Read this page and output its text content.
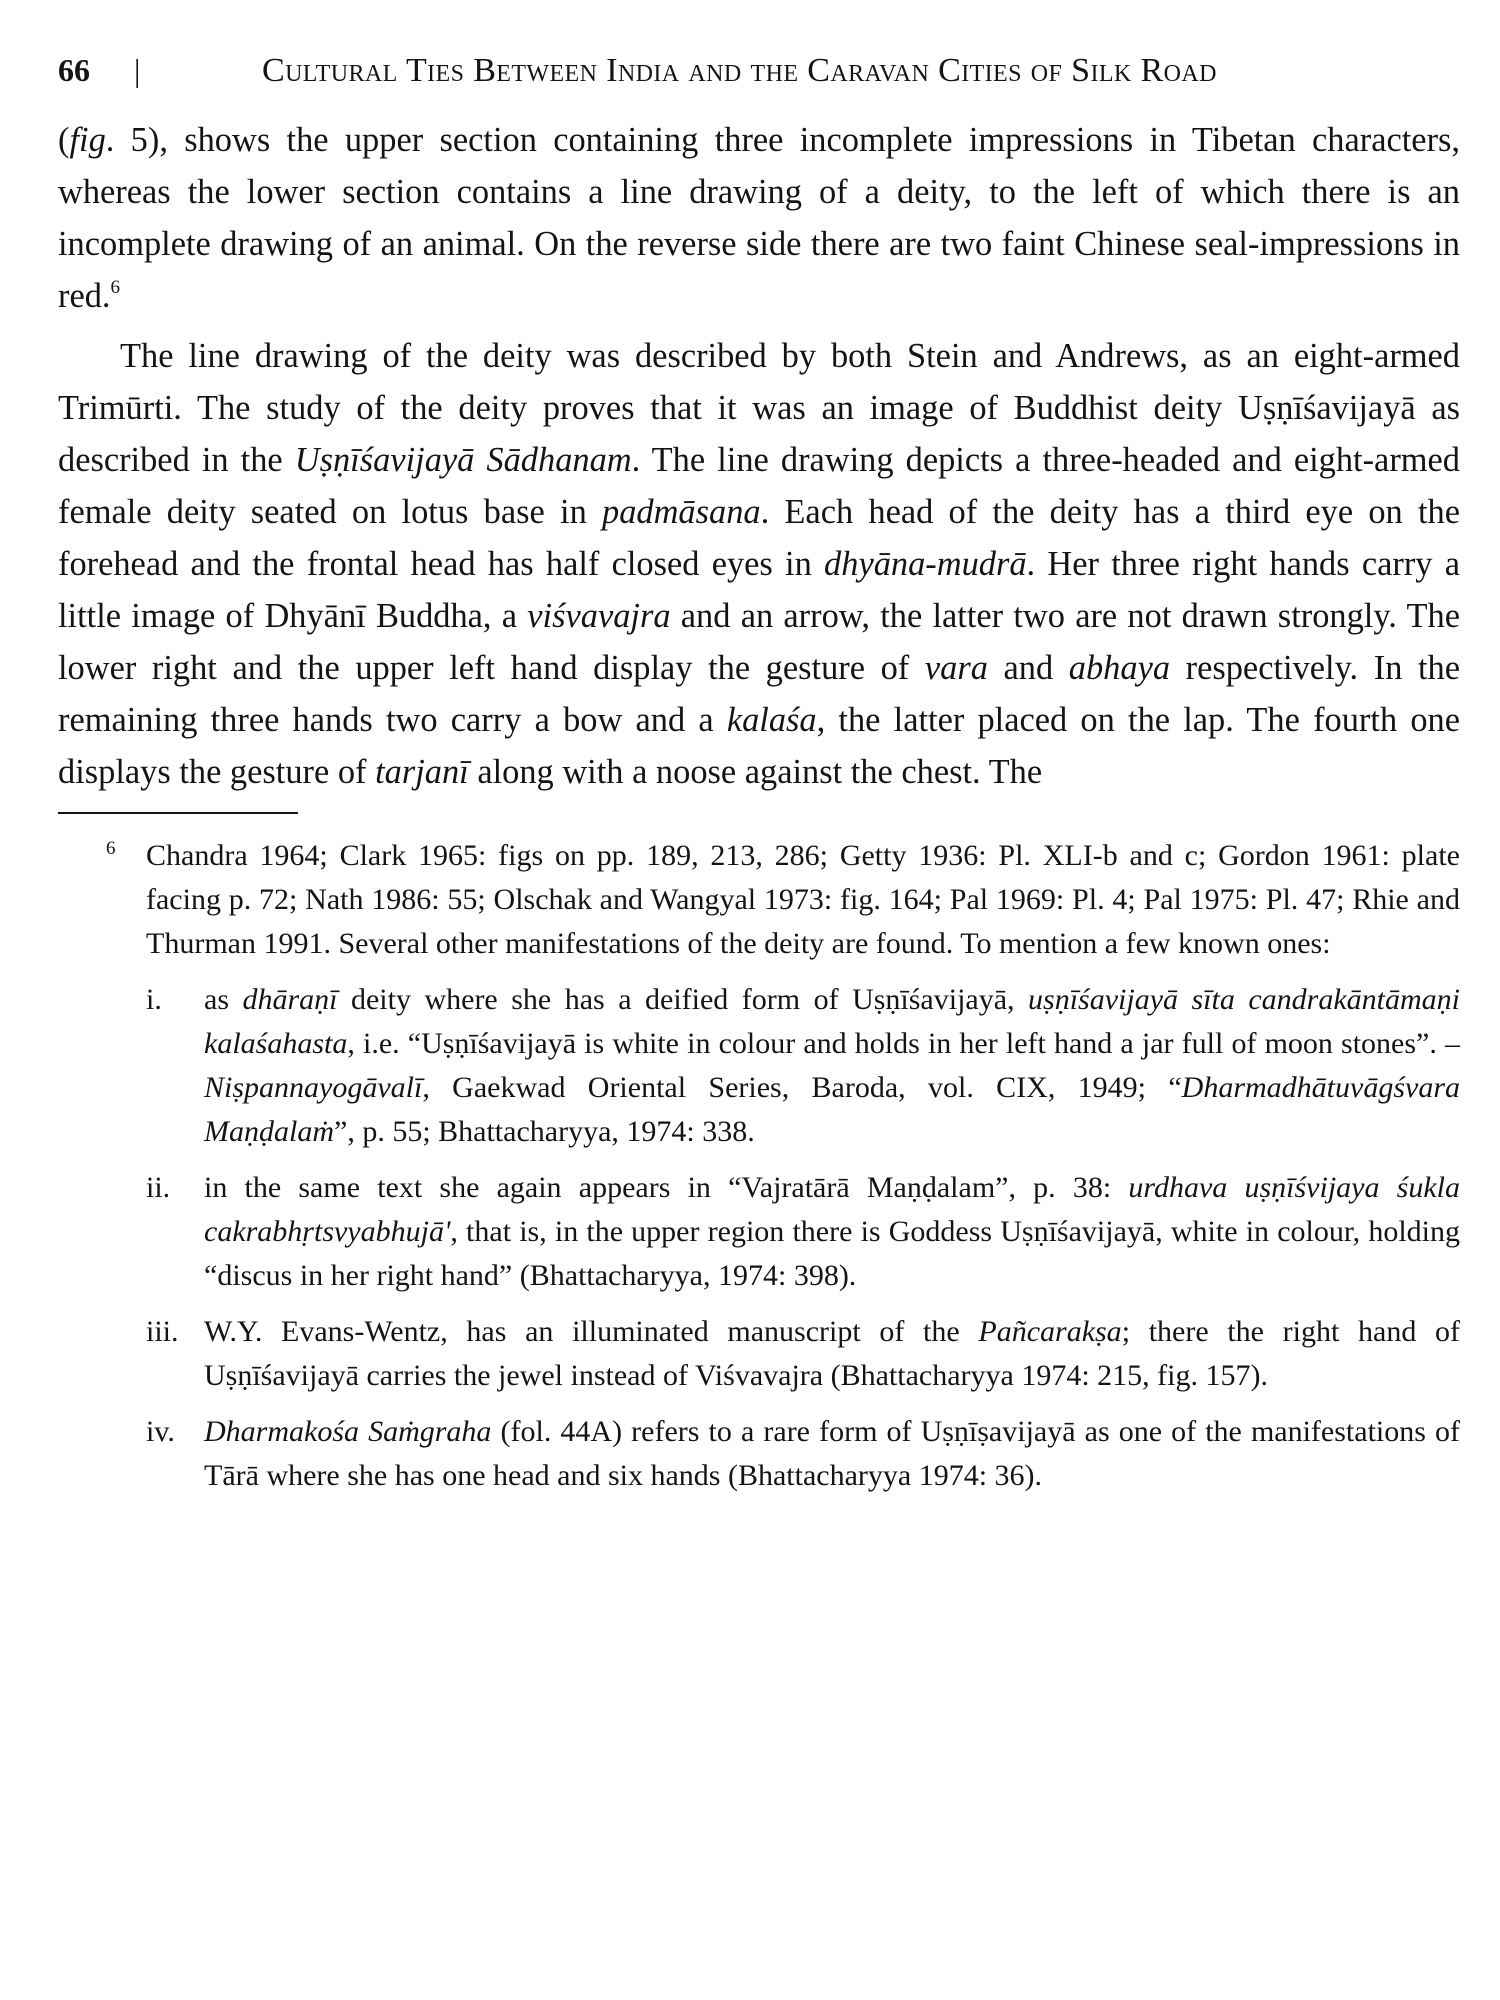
66	|	Cultural Ties Between India and the Caravan Cities of Silk Road

(fig. 5), shows the upper section containing three incomplete impressions in Tibetan characters, whereas the lower section contains a line drawing of a deity, to the left of which there is an incomplete drawing of an animal. On the reverse side there are two faint Chinese seal-impressions in red.$^6$

The line drawing of the deity was described by both Stein and Andrews, as an eight-armed Trimūrti. The study of the deity proves that it was an image of Buddhist deity Uṣṇīśavijayā as described in the Uṣṇīśavijayā Sādhanam. The line drawing depicts a three-headed and eight-armed female deity seated on lotus base in padmāsana. Each head of the deity has a third eye on the forehead and the frontal head has half closed eyes in dhyāna-mudrā. Her three right hands carry a little image of Dhyānī Buddha, a viśvavajra and an arrow, the latter two are not drawn strongly. The lower right and the upper left hand display the gesture of vara and abhaya respectively. In the remaining three hands two carry a bow and a kalaśa, the latter placed on the lap. The fourth one displays the gesture of tarjanī along with a noose against the chest. The

6	Chandra 1964; Clark 1965: figs on pp. 189, 213, 286; Getty 1936: Pl. XLI-b and c; Gordon 1961: plate facing p. 72; Nath 1986: 55; Olschak and Wangyal 1973: fig. 164; Pal 1969: Pl. 4; Pal 1975: Pl. 47; Rhie and Thurman 1991. Several other manifestations of the deity are found. To mention a few known ones:

i.	as dhāraṇī deity where she has a deified form of Uṣṇīśavijayā, uṣṇīśavijayā sīta candrakāntāmaṇi kalaśahasta, i.e. “Uṣṇīśavijayā is white in colour and holds in her left hand a jar full of moon stones”. – Niṣpannayogāvalī, Gaekwad Oriental Series, Baroda, vol. CIX, 1949; “Dharmadhātuvāgśvara Maṇḍalaṁ”, p. 55; Bhattacharyya, 1974: 338.
ii.	in the same text she again appears in “Vajratārā Maṇḍalam”, p. 38: urdhava uṣṇīśvijaya śukla cakrabhṛtsvyabhujā', that is, in the upper region there is Goddess Uṣṇīśavijayā, white in colour, holding “discus in her right hand” (Bhattacharyya, 1974: 398).
iii. W.Y. Evans-Wentz, has an illuminated manuscript of the Pañcarakṣa; there the right hand of Uṣṇīśavijayā carries the jewel instead of Viśvavajra (Bhattacharyya 1974: 215, fig. 157).
iv. Dharmakośa Saṁgraha (fol. 44A) refers to a rare form of Uṣṇīṣavijayā as one of the manifestations of Tārā where she has one head and six hands (Bhattacharyya 1974: 36).
